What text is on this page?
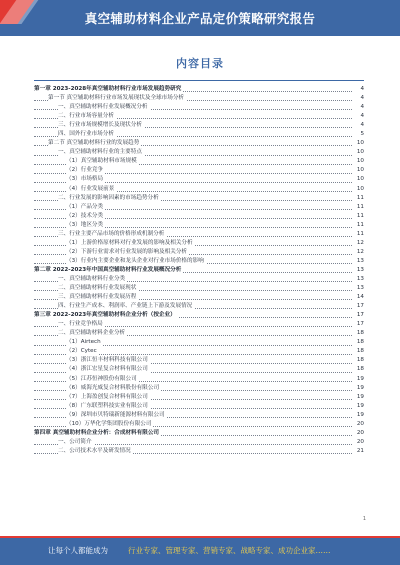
真空辅助材料企业产品定价策略研究报告
内容目录
第一章 2023-2028年真空辅助材料行业市场发展趋势研究	4
第一节 真空辅助材料行业市场发展现状及全球市场分析	4
一、真空辅助材料行业发展概况分析	4
二、行业市场容量分析	4
三、行业市场规模增长及现状分析	4
四、国外行业市场分析	5
第二节 真空辅助材料行业的发展趋势	10
一、真空辅助材料行业的主要特点	10
（1）真空辅助材料市场规模	10
（2）行业竞争	10
（3）市场格局	10
（4）行业发展前景	10
二、行业发展的影响因素的市场趋势分析	11
（1）产品分类	11
（2）技术分类	11
（3）地区分类	11
三、行业主要产品市场的价格形成机制分析	11
（1）上游价格原材料对行业发展的影响及相关分析	12
（2）下游行业需求对行业发展的影响及相关分析	12
（3）行业内主要企业和龙头企业对行业市场价格的影响	13
第二章 2022-2023年中国真空辅助材料行业发展概况分析	13
一、真空辅助材料行业分类	13
二、真空辅助材料行业发展现状	13
三、真空辅助材料行业发展历程	14
四、行业生产成本、利润率、产业链上下游及发展情况	17
第三章 2022-2023年真空辅助材料企业分析（按企业）	17
一、行业竞争格局	17
二、真空辅助材料企业分析	18
（1）Airtech	18
（2）Cytec	18
（3）浙江恒丰材料科技有限公司	18
（4）浙江宏星复合材料有限公司	18
（5）江苏恒神股份有限公司	19
（6）威海光威复合材料股份有限公司	19
（7）上海盈创复合材料有限公司	19
（8）广东联塑科技实业有限公司	19
（9）深圳市贝特瑞新能源材料有限公司	19
（10）万华化学集团股份有限公司	20
第四章 真空辅助材料企业分析：合成材料有限公司	20
一、公司简介	20
二、公司技术水平及研发情况	21
1
让每个人都能成为	行业专家、管理专家、营销专家、战略专家、成功企业家……
